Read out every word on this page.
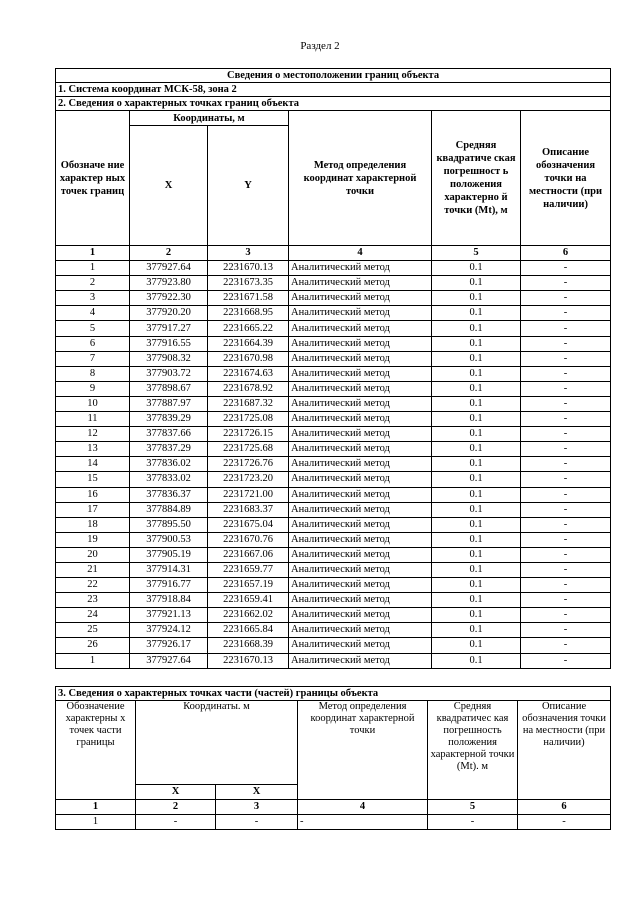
Раздел 2
Сведения о местоположении границ объекта					
1. Система координат МСК-58, зона 2					
2. Сведения о характерных точках границ объекта					
Обозначе ние характер ных точек границ	Координаты, м		Метод определения координат характерной точки	Средняя квадратиче ская погрешност ь положения характерно й точки (Mt), м	Описание обозначения точки на местности (при наличии)
	X	Y			
1	2	3	4	5	6
1	377927.64	2231670.13	Аналитический метод	0.1	-
2	377923.80	2231673.35	Аналитический метод	0.1	-
3	377922.30	2231671.58	Аналитический метод	0.1	-
4	377920.20	2231668.95	Аналитический метод	0.1	-
5	377917.27	2231665.22	Аналитический метод	0.1	-
6	377916.55	2231664.39	Аналитический метод	0.1	-
7	377908.32	2231670.98	Аналитический метод	0.1	-
8	377903.72	2231674.63	Аналитический метод	0.1	-
9	377898.67	2231678.92	Аналитический метод	0.1	-
10	377887.97	2231687.32	Аналитический метод	0.1	-
11	377839.29	2231725.08	Аналитический метод	0.1	-
12	377837.66	2231726.15	Аналитический метод	0.1	-
13	377837.29	2231725.68	Аналитический метод	0.1	-
14	377836.02	2231726.76	Аналитический метод	0.1	-
15	377833.02	2231723.20	Аналитический метод	0.1	-
16	377836.37	2231721.00	Аналитический метод	0.1	-
17	377884.89	2231683.37	Аналитический метод	0.1	-
18	377895.50	2231675.04	Аналитический метод	0.1	-
19	377900.53	2231670.76	Аналитический метод	0.1	-
20	377905.19	2231667.06	Аналитический метод	0.1	-
21	377914.31	2231659.77	Аналитический метод	0.1	-
22	377916.77	2231657.19	Аналитический метод	0.1	-
23	377918.84	2231659.41	Аналитический метод	0.1	-
24	377921.13	2231662.02	Аналитический метод	0.1	-
25	377924.12	2231665.84	Аналитический метод	0.1	-
26	377926.17	2231668.39	Аналитический метод	0.1	-
1	377927.64	2231670.13	Аналитический метод	0.1	-
3. Сведения о характерных точках части (частей) границы объекта					
Обозначение характерны х точек части границы	Координаты. м		Метод определения координат характерной точки	Средняя квадратичес кая погрешность положения характерной точки (Mt). м	Описание обозначения точки на местности (при наличии)
	X	X			
1	2	3	4	5	6
1	-	-	-	-	-
